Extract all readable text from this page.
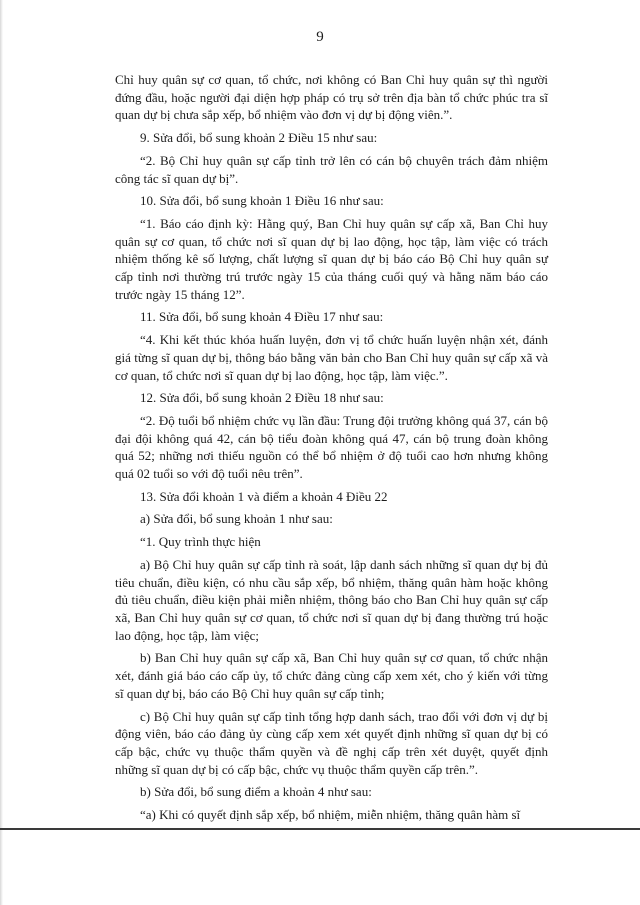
9

Chỉ huy quân sự cơ quan, tổ chức, nơi không có Ban Chỉ huy quân sự thì người đứng đầu, hoặc người đại diện hợp pháp có trụ sở trên địa bàn tổ chức phúc tra sĩ quan dự bị chưa sắp xếp, bổ nhiệm vào đơn vị dự bị động viên.”.

9. Sửa đổi, bổ sung khoản 2 Điều 15 như sau:

“2. Bộ Chỉ huy quân sự cấp tỉnh trở lên có cán bộ chuyên trách đảm nhiệm công tác sĩ quan dự bị”.

10. Sửa đổi, bổ sung khoản 1 Điều 16 như sau:

“1. Báo cáo định kỳ: Hằng quý, Ban Chỉ huy quân sự cấp xã, Ban Chỉ huy quân sự cơ quan, tổ chức nơi sĩ quan dự bị lao động, học tập, làm việc có trách nhiệm thống kê số lượng, chất lượng sĩ quan dự bị báo cáo Bộ Chỉ huy quân sự cấp tỉnh nơi thường trú trước ngày 15 của tháng cuối quý và hằng năm báo cáo trước ngày 15 tháng 12”.

11. Sửa đổi, bổ sung khoản 4 Điều 17 như sau:

“4. Khi kết thúc khóa huấn luyện, đơn vị tổ chức huấn luyện nhận xét, đánh giá từng sĩ quan dự bị, thông báo bằng văn bản cho Ban Chỉ huy quân sự cấp xã và cơ quan, tổ chức nơi sĩ quan dự bị lao động, học tập, làm việc.”.

12. Sửa đổi, bổ sung khoản 2 Điều 18 như sau:

“2. Độ tuổi bổ nhiệm chức vụ lần đầu: Trung đội trưởng không quá 37, cán bộ đại đội không quá 42, cán bộ tiểu đoàn không quá 47, cán bộ trung đoàn không quá 52; những nơi thiếu nguồn có thể bổ nhiệm ở độ tuổi cao hơn nhưng không quá 02 tuổi so với độ tuổi nêu trên”.

13. Sửa đổi khoản 1 và điểm a khoản 4 Điều 22

a) Sửa đổi, bổ sung khoản 1 như sau:

“1. Quy trình thực hiện

a) Bộ Chỉ huy quân sự cấp tỉnh rà soát, lập danh sách những sĩ quan dự bị đủ tiêu chuẩn, điều kiện, có nhu cầu sắp xếp, bổ nhiệm, thăng quân hàm hoặc không đủ tiêu chuẩn, điều kiện phải miễn nhiệm, thông báo cho Ban Chỉ huy quân sự cấp xã, Ban Chỉ huy quân sự cơ quan, tổ chức nơi sĩ quan dự bị đang thường trú hoặc lao động, học tập, làm việc;

b) Ban Chỉ huy quân sự cấp xã, Ban Chỉ huy quân sự cơ quan, tổ chức nhận xét, đánh giá báo cáo cấp ủy, tổ chức đảng cùng cấp xem xét, cho ý kiến với từng sĩ quan dự bị, báo cáo Bộ Chỉ huy quân sự cấp tỉnh;

c) Bộ Chỉ huy quân sự cấp tỉnh tổng hợp danh sách, trao đổi với đơn vị dự bị động viên, báo cáo đảng ủy cùng cấp xem xét quyết định những sĩ quan dự bị có cấp bậc, chức vụ thuộc thẩm quyền và đề nghị cấp trên xét duyệt, quyết định những sĩ quan dự bị có cấp bậc, chức vụ thuộc thẩm quyền cấp trên.”.

b) Sửa đổi, bổ sung điểm a khoản 4 như sau:

“a) Khi có quyết định sắp xếp, bổ nhiệm, miễn nhiệm, thăng quân hàm sĩ
